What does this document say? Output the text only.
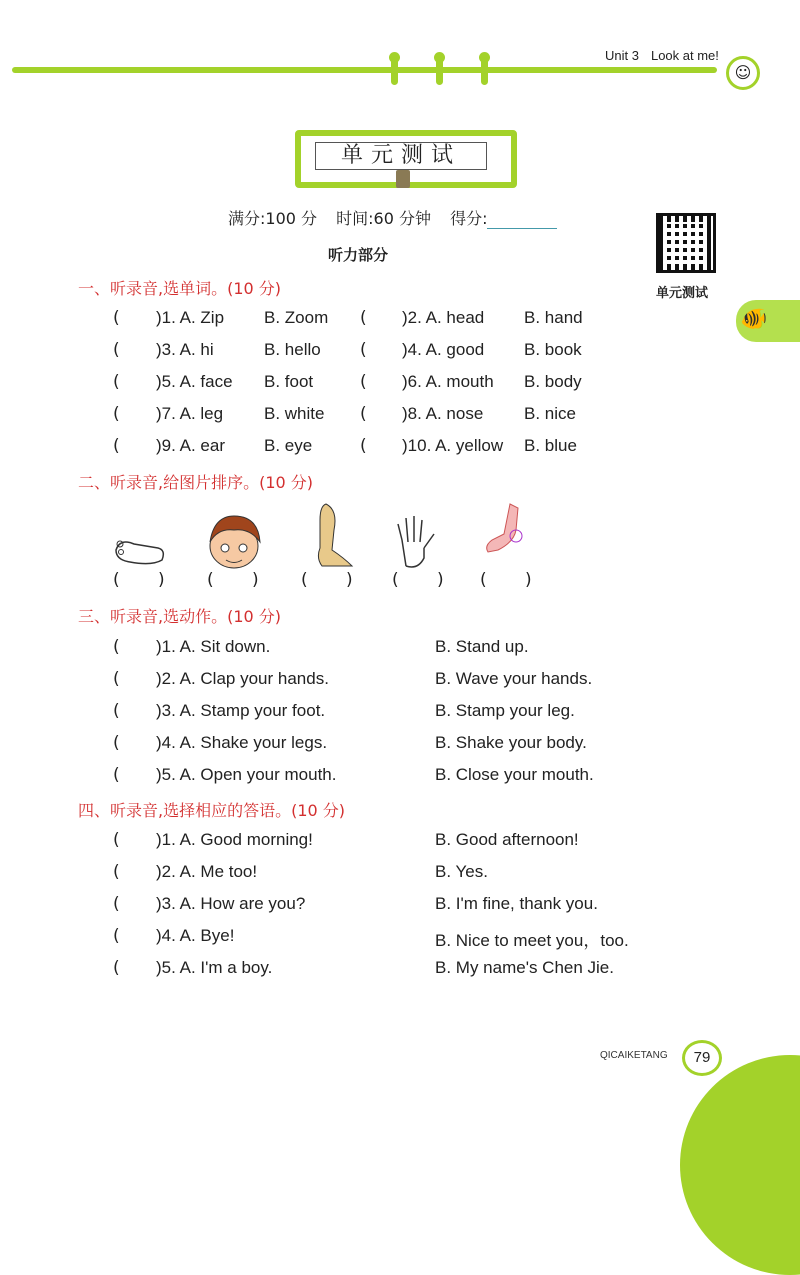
Unit 3 Look at me!
☺
单元测试
满分:100 分 时间:60 分钟 得分:
听力部分
单元测试
🐠
一、听录音,选单词。(10 分)
( )1. A. Zip B. Zoom ( )2. A. head B. hand
( )3. A. hi	B. hello ( )4. A. good B. book
( )5. A. face B. foot	( )6. A. mouth B. body
( )7. A. leg B. white ( )8. A. nose B. nice
( )9. A. ear B. eye	( )10. A. yellow B. blue
二、听录音,给图片排序。(10 分)
( ) ( ) ( ) ( ) ( )
三、听录音,选动作。(10 分)
( )1. A. Sit down.	B. Stand up.
( )2. A. Clap your hands.	B. Wave your hands.
( )3. A. Stamp your foot.	B. Stamp your leg.
( )4. A. Shake your legs.	B. Shake your body.
( )5. A. Open your mouth.	B. Close your mouth.
四、听录音,选择相应的答语。(10 分)
( )1. A. Good morning!	B. Good afternoon!
( )2. A. Me too!	B. Yes.
( )3. A. How are you?	B. I'm fine, thank you.
( )4. A. Bye!	B. Nice to meet you，too.
( )5. A. I'm a boy.	B. My name's Chen Jie.
QICAIKETANG	79
